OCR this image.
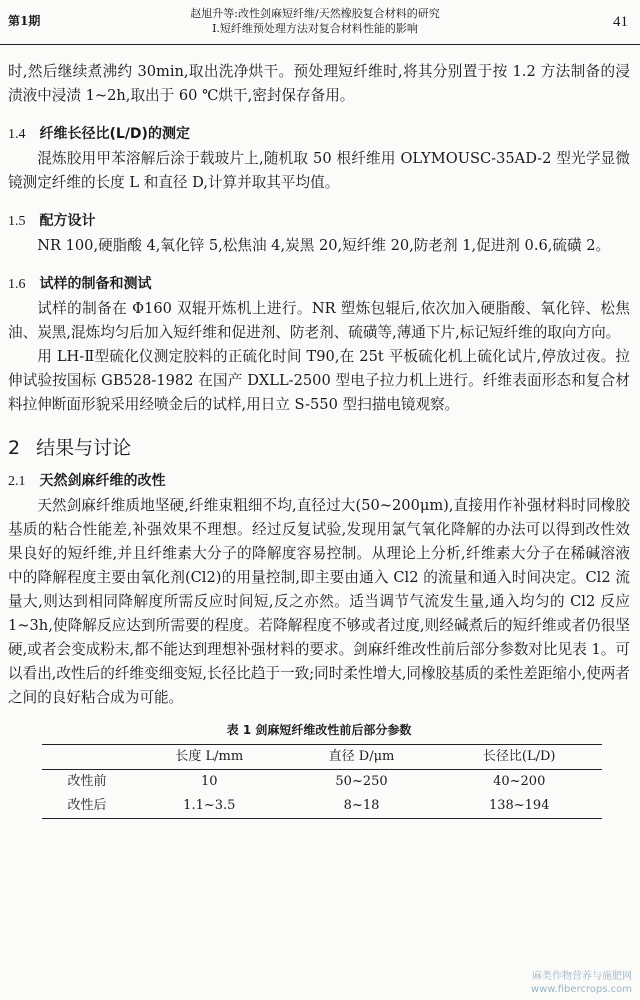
第1期
赵旭升等:改性剑麻短纤维/天然橡胶复合材料的研究
I.短纤维预处理方法对复合材料性能的影响	41

时,然后继续煮沸约 30min,取出洗净烘干。预处理短纤维时,将其分别置于按 1.2 方法制备的浸渍液中浸渍 1~2h,取出于 60 ℃烘干,密封保存备用。

1.4 纤维长径比(L/D)的测定

混炼胶用甲苯溶解后涂于载玻片上,随机取 50 根纤维用 OLYMOUSC-35AD-2 型光学显微镜测定纤维的长度 L 和直径 D,计算并取其平均值。

1.5 配方设计

NR 100,硬脂酸 4,氧化锌 5,松焦油 4,炭黑 20,短纤维 20,防老剂 1,促进剂 0.6,硫磺 2。

1.6 试样的制备和测试

试样的制备在 Φ160 双辊开炼机上进行。NR 塑炼包辊后,依次加入硬脂酸、氧化锌、松焦油、炭黑,混炼均匀后加入短纤维和促进剂、防老剂、硫磺等,薄通下片,标记短纤维的取向方向。

用 LH-Ⅱ型硫化仪测定胶料的正硫化时间 T90,在 25t 平板硫化机上硫化试片,停放过夜。拉伸试验按国标 GB528-1982 在国产 DXLL-2500 型电子拉力机上进行。纤维表面形态和复合材料拉伸断面形貌采用经喷金后的试样,用日立 S-550 型扫描电镜观察。

2 结果与讨论
2.1 天然剑麻纤维的改性

天然剑麻纤维质地坚硬,纤维束粗细不均,直径过大(50~200μm),直接用作补强材料时同橡胶基质的粘合性能差,补强效果不理想。经过反复试验,发现用氯气氧化降解的办法可以得到改性效果良好的短纤维,并且纤维素大分子的降解度容易控制。从理论上分析,纤维素大分子在稀碱溶液中的降解程度主要由氧化剂(Cl2)的用量控制,即主要由通入 Cl2 的流量和通入时间决定。Cl2 流量大,则达到相同降解度所需反应时间短,反之亦然。适当调节气流发生量,通入均匀的 Cl2 反应 1~3h,使降解反应达到所需要的程度。若降解程度不够或者过度,则经碱煮后的短纤维或者仍很坚硬,或者会变成粉末,都不能达到理想补强材料的要求。剑麻纤维改性前后部分参数对比见表 1。可以看出,改性后的纤维变细变短,长径比趋于一致;同时柔性增大,同橡胶基质的柔性差距缩小,使两者之间的良好粘合成为可能。

表 1 剑麻短纤维改性前后部分参数
	长度 L/mm	直径 D/μm	长径比(L/D)
改性前	10	50~250	40~200
改性后	1.1~3.5	8~18	138~194
麻类作物营养与施肥网
www.fibercrops.com
